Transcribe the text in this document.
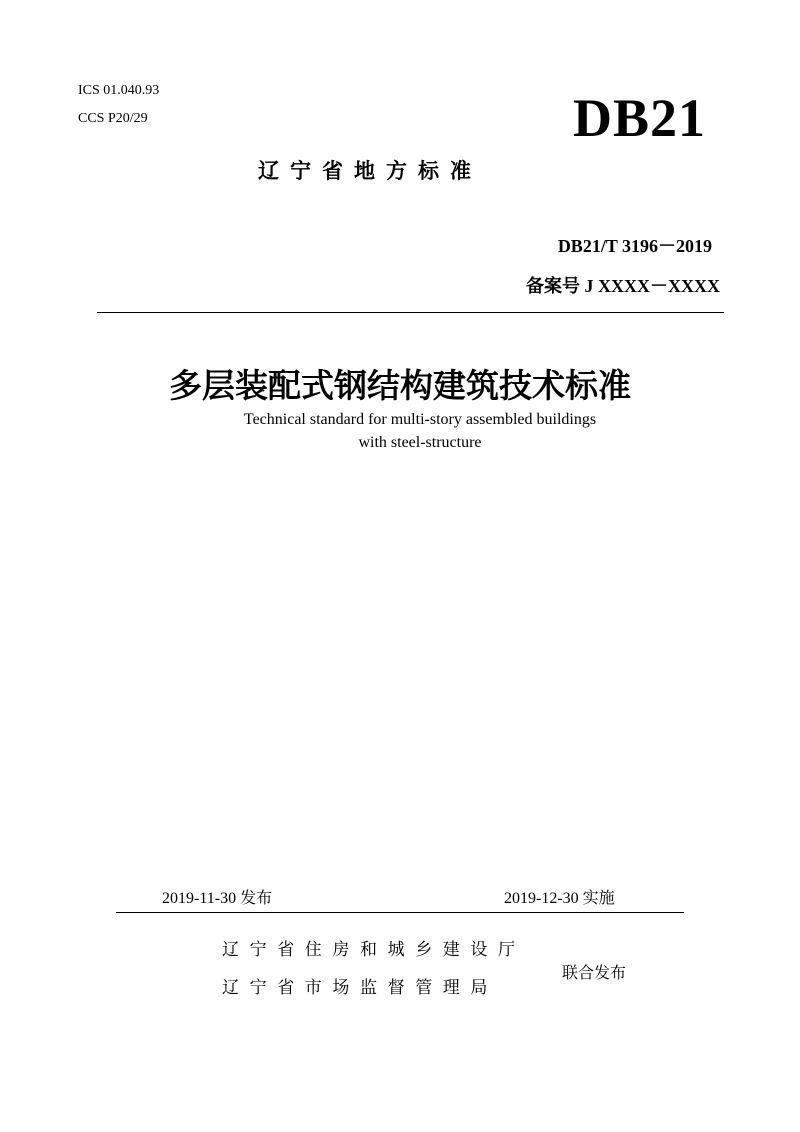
ICS 01.040.93
CCS P20/29	DB21
辽宁省地方标准
DB21/T 3196－2019
备案号 J XXXX－XXXX
多层装配式钢结构建筑技术标准
Technical standard for multi-story assembled buildings
with steel-structure
2019-11-30 发布	2019-12-30 实施
辽宁省住房和城乡建设厅
辽宁省市场监督管理局
联合发布
